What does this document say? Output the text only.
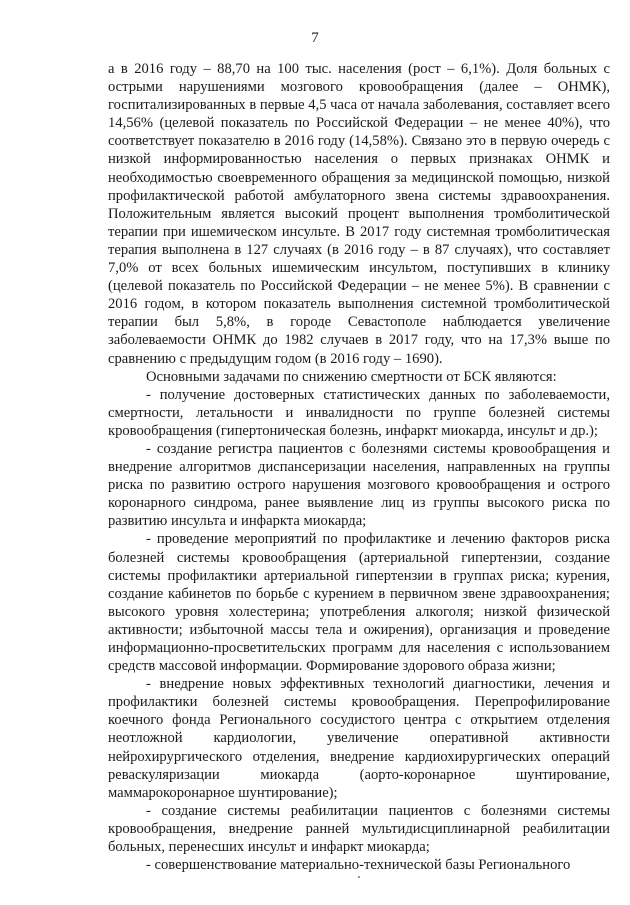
7

а в 2016 году – 88,70 на 100 тыс. населения (рост – 6,1%). Доля больных с острыми нарушениями мозгового кровообращения (далее – ОНМК), госпитализированных в первые 4,5 часа от начала заболевания, составляет всего 14,56% (целевой показатель по Российской Федерации – не менее 40%), что соответствует показателю в 2016 году (14,58%). Связано это в первую очередь с низкой информированностью населения о первых признаках ОНМК и необходимостью своевременного обращения за медицинской помощью, низкой профилактической работой амбулаторного звена системы здравоохранения. Положительным является высокий процент выполнения тромболитической терапии при ишемическом инсульте. В 2017 году системная тромболитическая терапия выполнена в 127 случаях (в 2016 году – в 87 случаях), что составляет 7,0% от всех больных ишемическим инсультом, поступивших в клинику (целевой показатель по Российской Федерации – не менее 5%). В сравнении с 2016 годом, в котором показатель выполнения системной тромболитической терапии был 5,8%, в городе Севастополе наблюдается увеличение заболеваемости ОНМК до 1982 случаев в 2017 году, что на 17,3% выше по сравнению с предыдущим годом (в 2016 году – 1690).

Основными задачами по снижению смертности от БСК являются:

- получение достоверных статистических данных по заболеваемости, смертности, летальности и инвалидности по группе болезней системы кровообращения (гипертоническая болезнь, инфаркт миокарда, инсульт и др.);

- создание регистра пациентов с болезнями системы кровообращения и внедрение алгоритмов диспансеризации населения, направленных на группы риска по развитию острого нарушения мозгового кровообращения и острого коронарного синдрома, ранее выявление лиц из группы высокого риска по развитию инсульта и инфаркта миокарда;

- проведение мероприятий по профилактике и лечению факторов риска болезней системы кровообращения (артериальной гипертензии, создание системы профилактики артериальной гипертензии в группах риска; курения, создание кабинетов по борьбе с курением в первичном звене здравоохранения; высокого уровня холестерина; употребления алкоголя; низкой физической активности; избыточной массы тела и ожирения), организация и проведение информационно-просветительских программ для населения с использованием средств массовой информации. Формирование здорового образа жизни;

- внедрение новых эффективных технологий диагностики, лечения и профилактики болезней системы кровообращения. Перепрофилирование коечного фонда Регионального сосудистого центра с открытием отделения неотложной кардиологии, увеличение оперативной активности нейрохирургического отделения, внедрение кардиохирургических операций реваскуляризации миокарда (аорто-коронарное шунтирование, маммарокоронарное шунтирование);

- создание системы реабилитации пациентов с болезнями системы кровообращения, внедрение ранней мультидисциплинарной реабилитации больных, перенесших инсульт и инфаркт миокарда;

- совершенствование материально-технической базы Регионального
